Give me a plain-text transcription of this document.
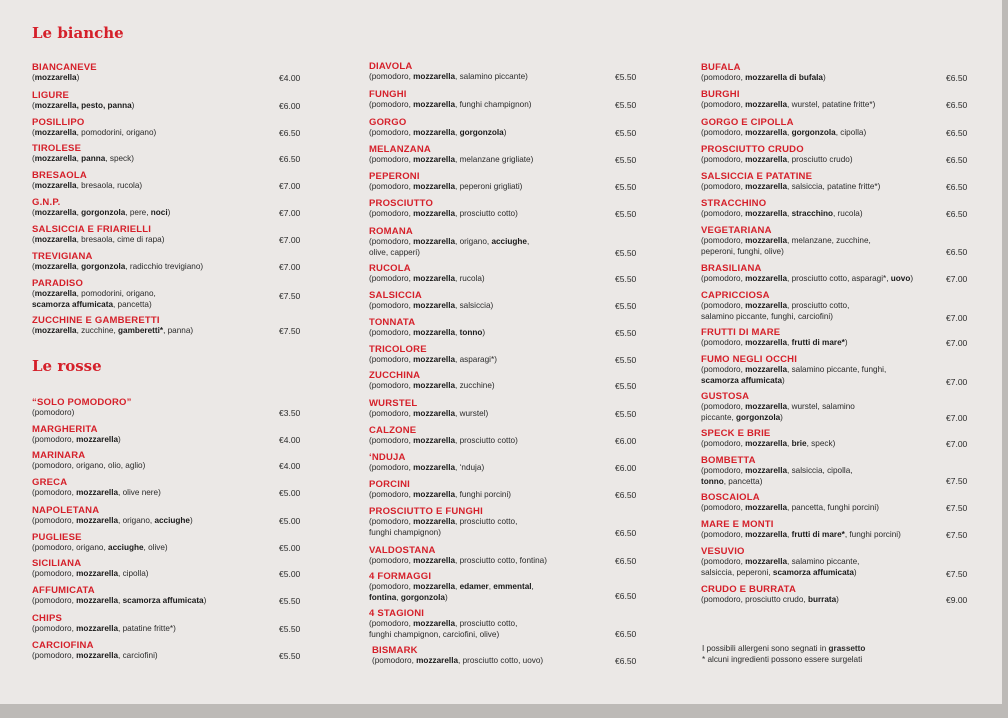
Le bianche
Le rosse
BIANCANEVE
(mozzarella)	€4.00
LIGURE
(mozzarella, pesto, panna)	€6.00
POSILLIPO
(mozzarella, pomodorini, origano)	€6.50
TIROLESE
(mozzarella, panna, speck)	€6.50
BRESAOLA
(mozzarella, bresaola, rucola)	€7.00
G.N.P.
(mozzarella, gorgonzola, pere, noci)	€7.00
SALSICCIA E FRIARIELLI
(mozzarella, bresaola, cime di rapa)	€7.00
TREVIGIANA
(mozzarella, gorgonzola, radicchio trevigiano)	€7.00
PARADISO
(mozzarella, pomodorini, origano,
scamorza affumicata, pancetta)
€7.50
ZUCCHINE E GAMBERETTI
(mozzarella, zucchine, gamberetti*, panna)	€7.50
“SOLO POMODORO”
(pomodoro)	€3.50
MARGHERITA
(pomodoro, mozzarella)	€4.00
MARINARA
(pomodoro, origano, olio, aglio)	€4.00
GRECA
(pomodoro, mozzarella, olive nere)	€5.00
NAPOLETANA
(pomodoro, mozzarella, origano, acciughe)	€5.00
PUGLIESE
(pomodoro, origano, acciughe, olive)	€5.00
SICILIANA
(pomodoro, mozzarella, cipolla)	€5.00
AFFUMICATA
(pomodoro, mozzarella, scamorza affumicata)	€5.50
CHIPS
(pomodoro, mozzarella, patatine fritte*)	€5.50
CARCIOFINA
(pomodoro, mozzarella, carciofini)	€5.50
DIAVOLA
(pomodoro, mozzarella, salamino piccante)	€5.50
FUNGHI
(pomodoro, mozzarella, funghi champignon)	€5.50
GORGO
(pomodoro, mozzarella, gorgonzola)	€5.50
MELANZANA
(pomodoro, mozzarella, melanzane grigliate)	€5.50
PEPERONI
(pomodoro, mozzarella, peperoni grigliati)	€5.50
PROSCIUTTO
(pomodoro, mozzarella, prosciutto cotto)	€5.50
ROMANA
(pomodoro, mozzarella, origano, acciughe,
olive, capperi)	€5.50
RUCOLA
(pomodoro, mozzarella, rucola)	€5.50
SALSICCIA
(pomodoro, mozzarella, salsiccia)	€5.50
TONNATA
(pomodoro, mozzarella, tonno)	€5.50
TRICOLORE
(pomodoro, mozzarella, asparagi*)	€5.50
ZUCCHINA
(pomodoro, mozzarella, zucchine)	€5.50
WURSTEL
(pomodoro, mozzarella, wurstel)	€5.50
CALZONE
(pomodoro, mozzarella, prosciutto cotto)	€6.00
‘NDUJA
(pomodoro, mozzarella, ‘nduja)	€6.00
PORCINI
(pomodoro, mozzarella, funghi porcini)	€6.50
PROSCIUTTO E FUNGHI
(pomodoro, mozzarella, prosciutto cotto,
funghi champignon)	€6.50
VALDOSTANA
(pomodoro, mozzarella, prosciutto cotto, fontina)	€6.50
4 FORMAGGI
(pomodoro, mozzarella, edamer, emmental,
fontina, gorgonzola)	€6.50
4 STAGIONI
(pomodoro, mozzarella, prosciutto cotto,
funghi champignon, carciofini, olive)	€6.50
BISMARK
(pomodoro, mozzarella, prosciutto cotto, uovo)	€6.50
BUFALA
(pomodoro, mozzarella di bufala)	€6.50
BURGHI
(pomodoro, mozzarella, wurstel, patatine fritte*)	€6.50
GORGO E CIPOLLA
(pomodoro, mozzarella, gorgonzola, cipolla)	€6.50
PROSCIUTTO CRUDO
(pomodoro, mozzarella, prosciutto crudo)	€6.50
SALSICCIA E PATATINE
(pomodoro, mozzarella, salsiccia, patatine fritte*)	€6.50
STRACCHINO
(pomodoro, mozzarella, stracchino, rucola)	€6.50
VEGETARIANA
(pomodoro, mozzarella, melanzane, zucchine,
peperoni, funghi, olive)	€6.50
BRASILIANA
(pomodoro, mozzarella, prosciutto cotto, asparagi*, uovo)	€7.00
CAPRICCIOSA
(pomodoro, mozzarella, prosciutto cotto,
salamino piccante, funghi, carciofini)	€7.00
FRUTTI DI MARE
(pomodoro, mozzarella, frutti di mare*)	€7.00
FUMO NEGLI OCCHI
(pomodoro, mozzarella, salamino piccante, funghi,
scamorza affumicata)	€7.00
GUSTOSA
(pomodoro, mozzarella, wurstel, salamino
piccante, gorgonzola)	€7.00
SPECK E BRIE
(pomodoro, mozzarella, brie, speck)	€7.00
BOMBETTA
(pomodoro, mozzarella, salsiccia, cipolla,
tonno, pancetta)	€7.50
BOSCAIOLA
(pomodoro, mozzarella, pancetta, funghi porcini)	€7.50
MARE E MONTI
(pomodoro, mozzarella, frutti di mare*, funghi porcini)	€7.50
VESUVIO
(pomodoro, mozzarella, salamino piccante,
salsiccia, peperoni, scamorza affumicata)	€7.50
CRUDO E BURRATA
(pomodoro, prosciutto crudo, burrata)	€9.00
I possibili allergeni sono segnati in grassetto
* alcuni ingredienti possono essere surgelati
